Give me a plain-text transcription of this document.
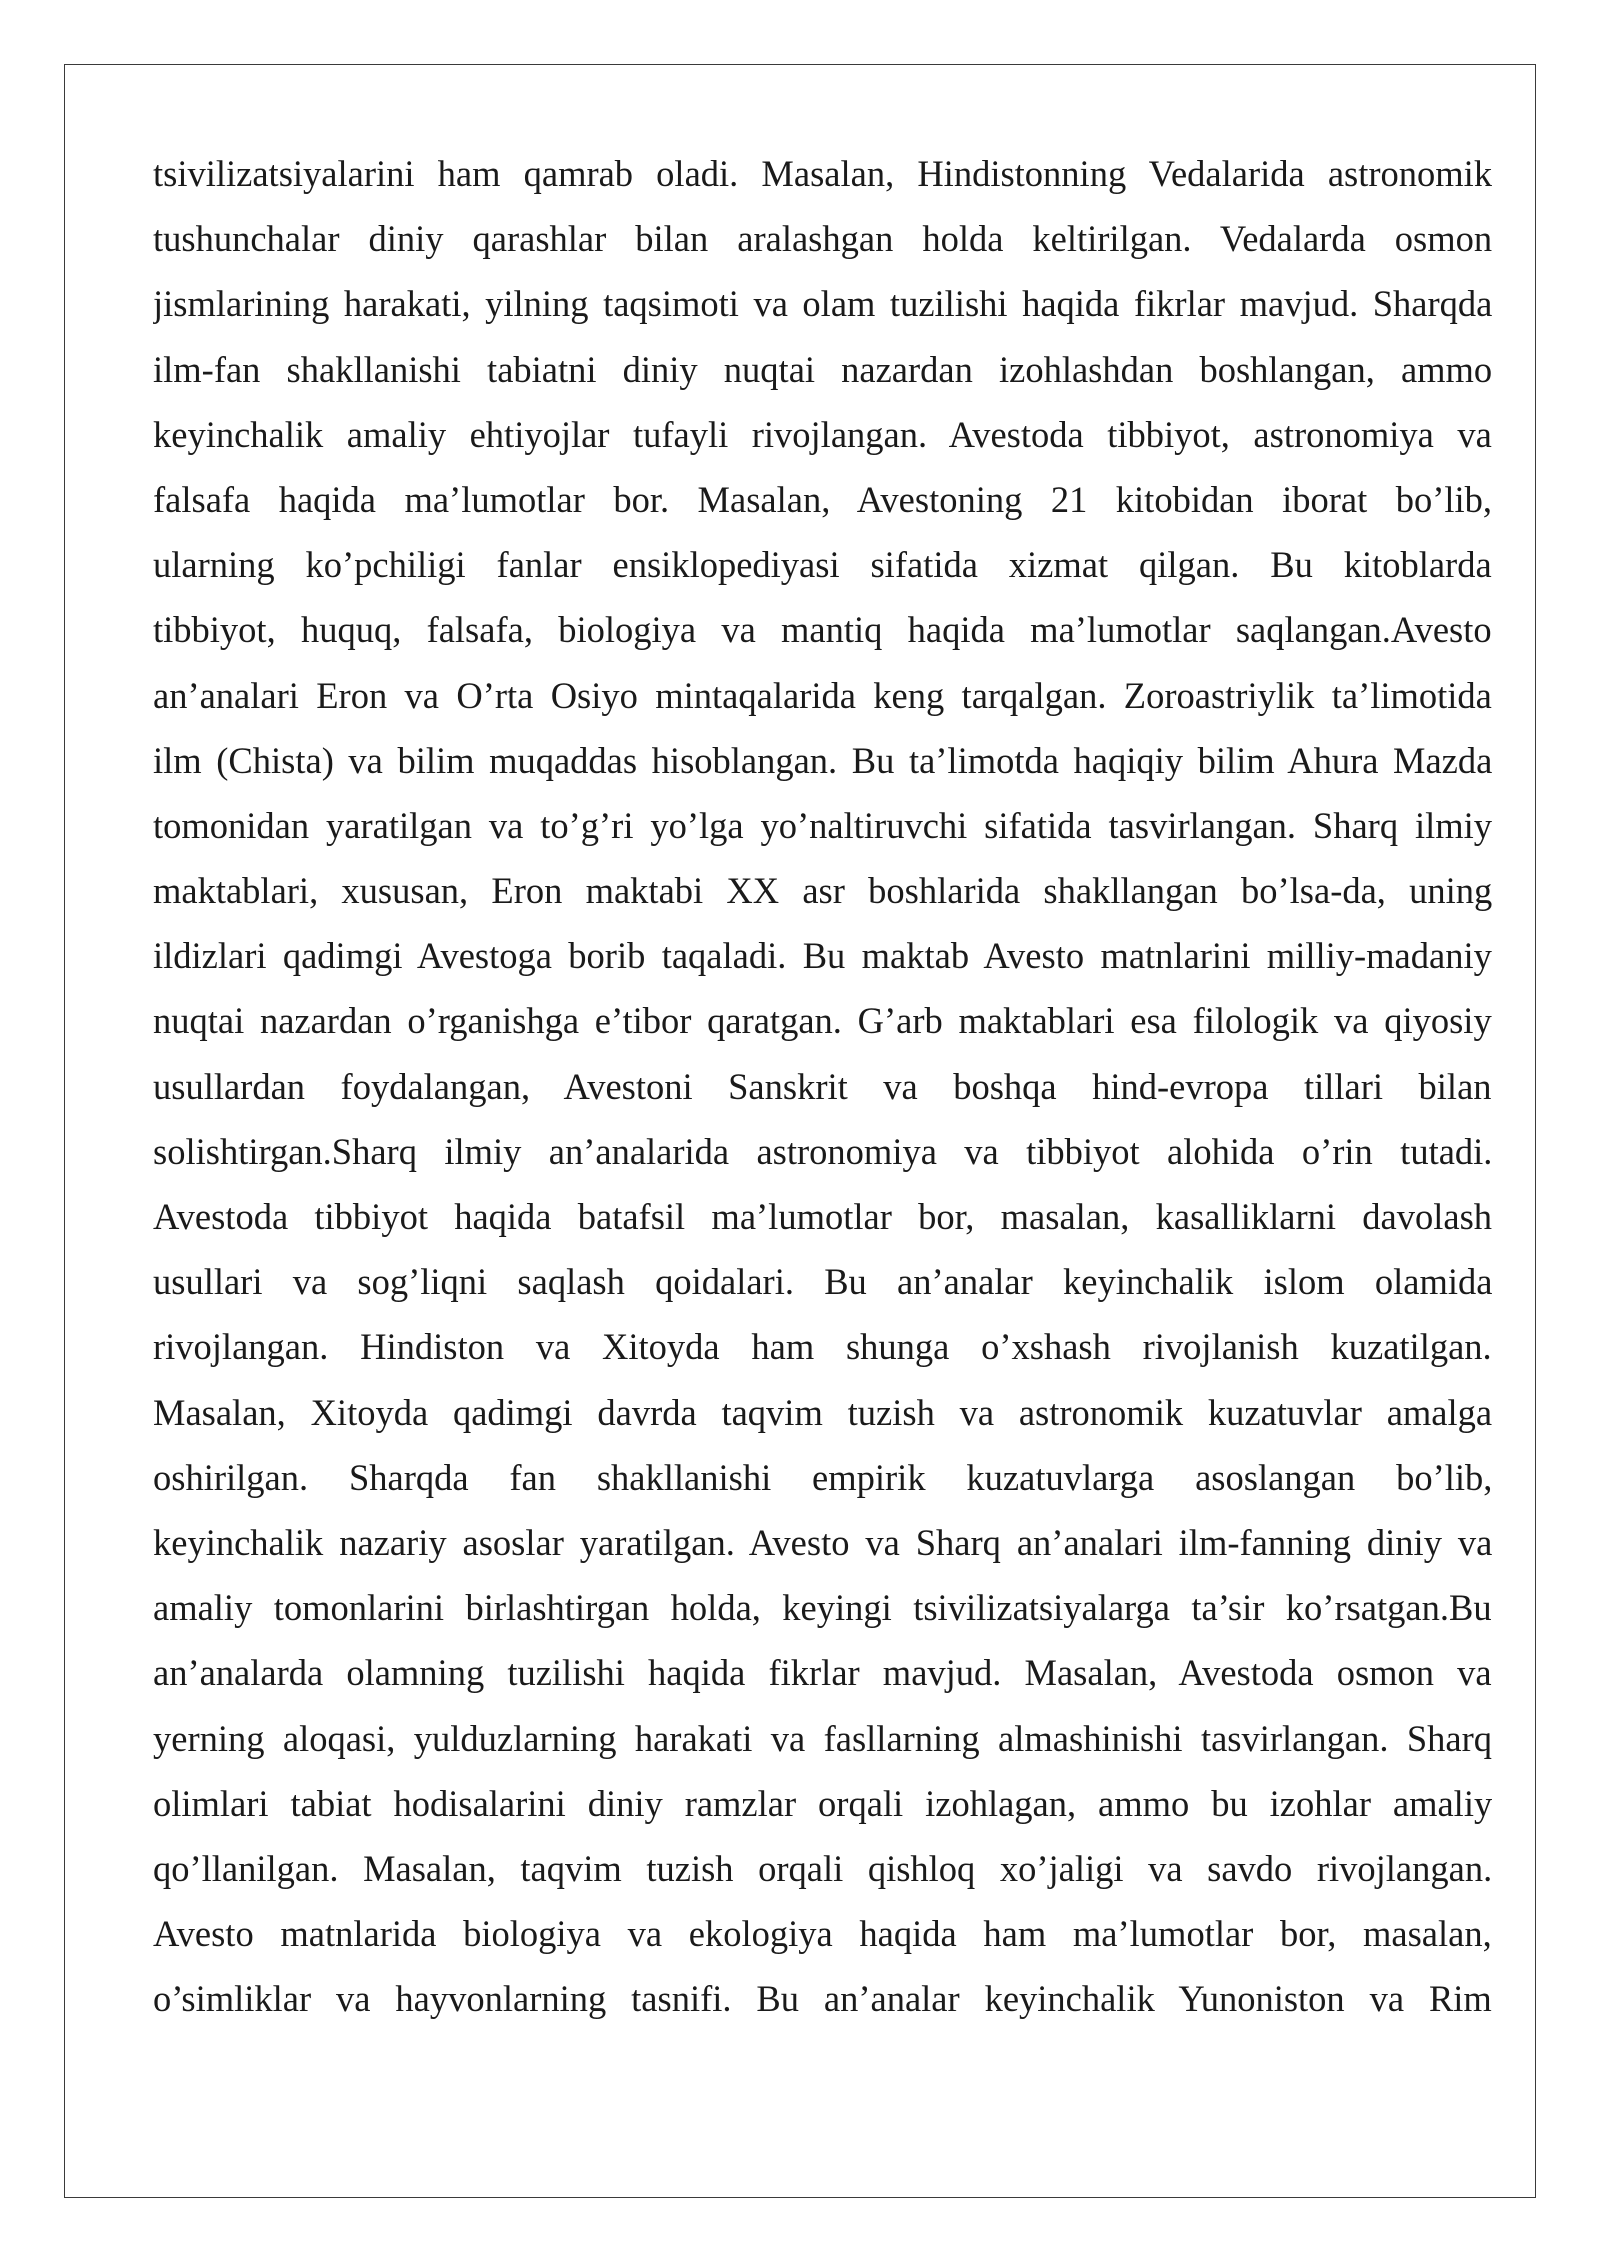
tsivilizatsiyalarini ham qamrab oladi. Masalan, Hindistonning Vedalarida astronomik
tushunchalar diniy qarashlar bilan aralashgan holda keltirilgan. Vedalarda osmon
jismlarining harakati, yilning taqsimoti va olam tuzilishi haqida fikrlar mavjud. Sharqda
ilm-fan shakllanishi tabiatni diniy nuqtai nazardan izohlashdan boshlangan, ammo
keyinchalik amaliy ehtiyojlar tufayli rivojlangan. Avestoda tibbiyot, astronomiya va
falsafa haqida ma’lumotlar bor. Masalan, Avestoning 21 kitobidan iborat bo’lib,
ularning ko’pchiligi fanlar ensiklopediyasi sifatida xizmat qilgan. Bu kitoblarda
tibbiyot, huquq, falsafa, biologiya va mantiq haqida ma’lumotlar saqlangan.Avesto
an’analari Eron va O’rta Osiyo mintaqalarida keng tarqalgan. Zoroastriylik ta’limotida
ilm (Chista) va bilim muqaddas hisoblangan. Bu ta’limotda haqiqiy bilim Ahura Mazda
tomonidan yaratilgan va to’g’ri yo’lga yo’naltiruvchi sifatida tasvirlangan. Sharq ilmiy
maktablari, xususan, Eron maktabi XX asr boshlarida shakllangan bo’lsa-da, uning
ildizlari qadimgi Avestoga borib taqaladi. Bu maktab Avesto matnlarini milliy-madaniy
nuqtai nazardan o’rganishga e’tibor qaratgan. G’arb maktablari esa filologik va qiyosiy
usullardan foydalangan, Avestoni Sanskrit va boshqa hind-evropa tillari bilan
solishtirgan.Sharq ilmiy an’analarida astronomiya va tibbiyot alohida o’rin tutadi.
Avestoda tibbiyot haqida batafsil ma’lumotlar bor, masalan, kasalliklarni davolash
usullari va sog’liqni saqlash qoidalari. Bu an’analar keyinchalik islom olamida
rivojlangan. Hindiston va Xitoyda ham shunga o’xshash rivojlanish kuzatilgan.
Masalan, Xitoyda qadimgi davrda taqvim tuzish va astronomik kuzatuvlar amalga
oshirilgan. Sharqda fan shakllanishi empirik kuzatuvlarga asoslangan bo’lib,
keyinchalik nazariy asoslar yaratilgan. Avesto va Sharq an’analari ilm-fanning diniy va
amaliy tomonlarini birlashtirgan holda, keyingi tsivilizatsiyalarga ta’sir ko’rsatgan.Bu
an’analarda olamning tuzilishi haqida fikrlar mavjud. Masalan, Avestoda osmon va
yerning aloqasi, yulduzlarning harakati va fasllarning almashinishi tasvirlangan. Sharq
olimlari tabiat hodisalarini diniy ramzlar orqali izohlagan, ammo bu izohlar amaliy
qo’llanilgan. Masalan, taqvim tuzish orqali qishloq xo’jaligi va savdo rivojlangan.
Avesto matnlarida biologiya va ekologiya haqida ham ma’lumotlar bor, masalan,
o’simliklar va hayvonlarning tasnifi. Bu an’analar keyinchalik Yunoniston va Rim
